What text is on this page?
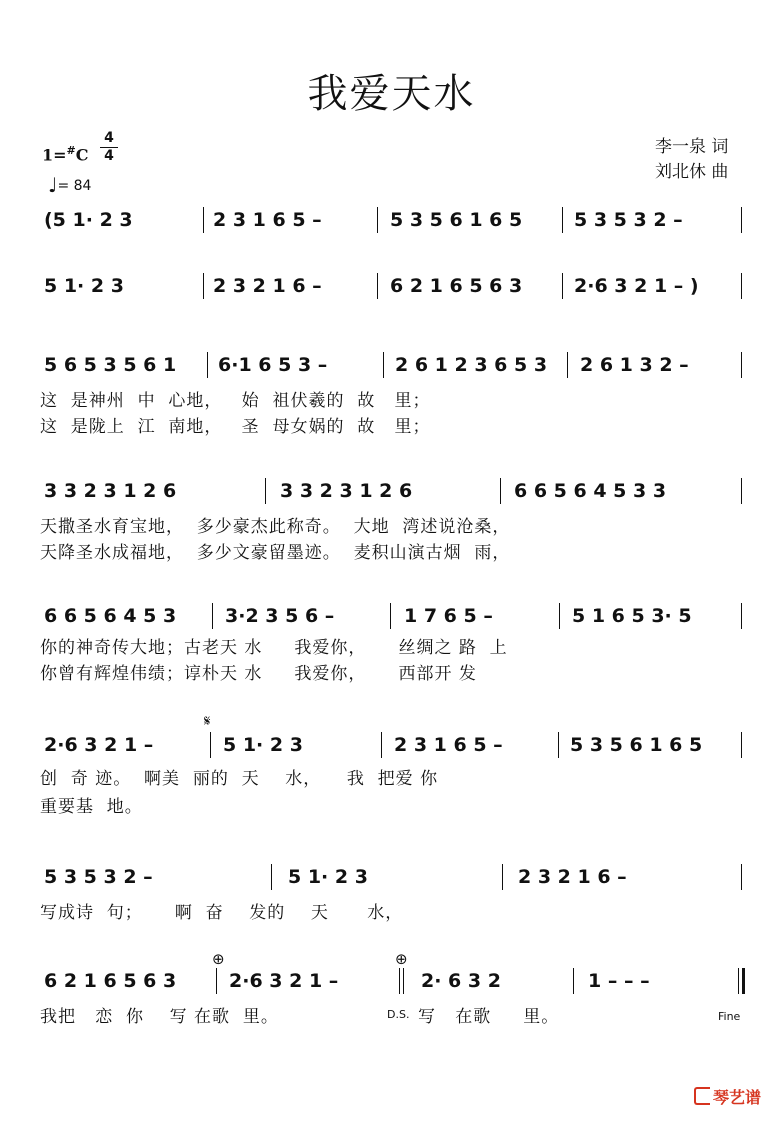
我爱天水
李一泉 词
刘北休 曲
1=#C
4
4
♩= 84
(5 1· 2 3	2 3 1 6 5 –	5 3 5 6 1 6 5	5 3 5 3 2 –
5 1· 2 3	2 3 2 1 6 –	6 2 1 6 5 6 3	2·6 3 2 1 – )
5 6 5 3 5 6 1 6·1 6 5 3 –	2 6 1 2 3 6 5 3 2 6 1 3 2 –
这  是神州  中  心地，   始  祖伏羲的  故   里；
这  是陇上  江  南地，   圣  母女娲的  故   里；
3 3 2 3 1 2 6	3 3 2 3 1 2 6	6 6 5 6 4 5 3 3
天撒圣水育宝地，  多少豪杰此称奇。  大地  湾述说沧桑，
天降圣水成福地，  多少文豪留墨迹。  麦积山演古烟  雨，
6 6 5 6 4 5 3	3·2 3 5 6 –	1 7 6 5 –	5 1 6 5 3· 5
你的神奇传大地；古老天 水     我爱你，     丝绸之 路  上
你曾有辉煌伟绩；谆朴天 水     我爱你，     西部开 发
𝄋
2·6 3 2 1 –	5 1· 2 3	2 3 1 6 5 –	5 3 5 6 1 6 5
创  奇 迹。  啊美  丽的  天    水，    我  把爱 你
重要基  地。
5 3 5 3 2 –	5 1· 2 3	2 3 2 1 6 –
写成诗  句；     啊  奋    发的    天      水，
⊕	⊕
6 2 1 6 5 6 3	2·6 3 2 1 –	2· 6 3 2	1 – – –
我把   恋  你    写 在歌  里。	D.S. 写   在歌     里。	Fine
琴艺谱
